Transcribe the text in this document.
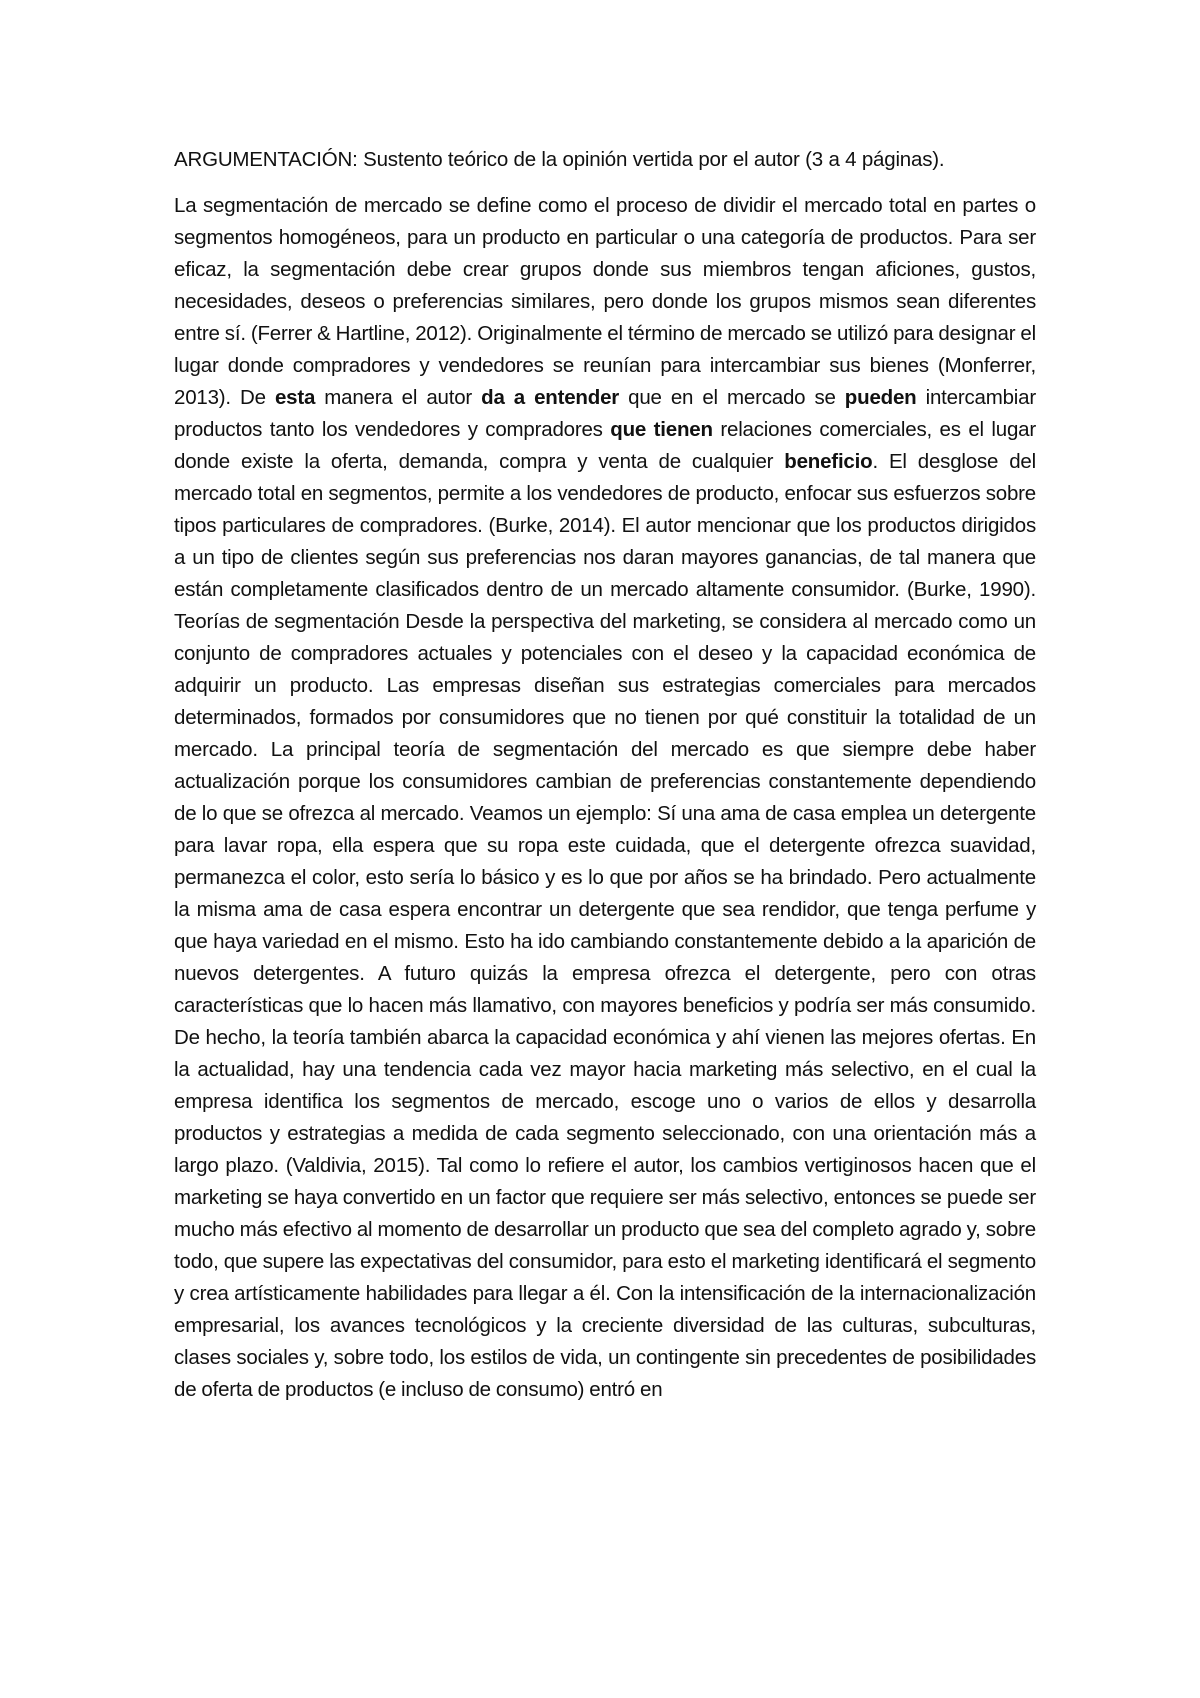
ARGUMENTACIÓN: Sustento teórico de la opinión vertida por el autor (3 a 4 páginas).

La segmentación de mercado se define como el proceso de dividir el mercado total en partes o segmentos homogéneos, para un producto en particular o una categoría de productos. Para ser eficaz, la segmentación debe crear grupos donde sus miembros tengan aficiones, gustos, necesidades, deseos o preferencias similares, pero donde los grupos mismos sean diferentes entre sí. (Ferrer & Hartline, 2012). Originalmente el término de mercado se utilizó para designar el lugar donde compradores y vendedores se reunían para intercambiar sus bienes (Monferrer, 2013). De esta manera el autor da a entender que en el mercado se pueden intercambiar productos tanto los vendedores y compradores que tienen relaciones comerciales, es el lugar donde existe la oferta, demanda, compra y venta de cualquier beneficio. El desglose del mercado total en segmentos, permite a los vendedores de producto, enfocar sus esfuerzos sobre tipos particulares de compradores. (Burke, 2014). El autor mencionar que los productos dirigidos a un tipo de clientes según sus preferencias nos daran mayores ganancias, de tal manera que están completamente clasificados dentro de un mercado altamente consumidor. (Burke, 1990). Teorías de segmentación Desde la perspectiva del marketing, se considera al mercado como un conjunto de compradores actuales y potenciales con el deseo y la capacidad económica de adquirir un producto. Las empresas diseñan sus estrategias comerciales para mercados determinados, formados por consumidores que no tienen por qué constituir la totalidad de un mercado. La principal teoría de segmentación del mercado es que siempre debe haber actualización porque los consumidores cambian de preferencias constantemente dependiendo de lo que se ofrezca al mercado. Veamos un ejemplo: Sí una ama de casa emplea un detergente para lavar ropa, ella espera que su ropa este cuidada, que el detergente ofrezca suavidad, permanezca el color, esto sería lo básico y es lo que por años se ha brindado. Pero actualmente la misma ama de casa espera encontrar un detergente que sea rendidor, que tenga perfume y que haya variedad en el mismo. Esto ha ido cambiando constantemente debido a la aparición de nuevos detergentes. A futuro quizás la empresa ofrezca el detergente, pero con otras características que lo hacen más llamativo, con mayores beneficios y podría ser más consumido. De hecho, la teoría también abarca la capacidad económica y ahí vienen las mejores ofertas. En la actualidad, hay una tendencia cada vez mayor hacia marketing más selectivo, en el cual la empresa identifica los segmentos de mercado, escoge uno o varios de ellos y desarrolla productos y estrategias a medida de cada segmento seleccionado, con una orientación más a largo plazo. (Valdivia, 2015). Tal como lo refiere el autor, los cambios vertiginosos hacen que el marketing se haya convertido en un factor que requiere ser más selectivo, entonces se puede ser mucho más efectivo al momento de desarrollar un producto que sea del completo agrado y, sobre todo, que supere las expectativas del consumidor, para esto el marketing identificará el segmento y crea artísticamente habilidades para llegar a él. Con la intensificación de la internacionalización empresarial, los avances tecnológicos y la creciente diversidad de las culturas, subculturas, clases sociales y, sobre todo, los estilos de vida, un contingente sin precedentes de posibilidades de oferta de productos (e incluso de consumo) entró en
